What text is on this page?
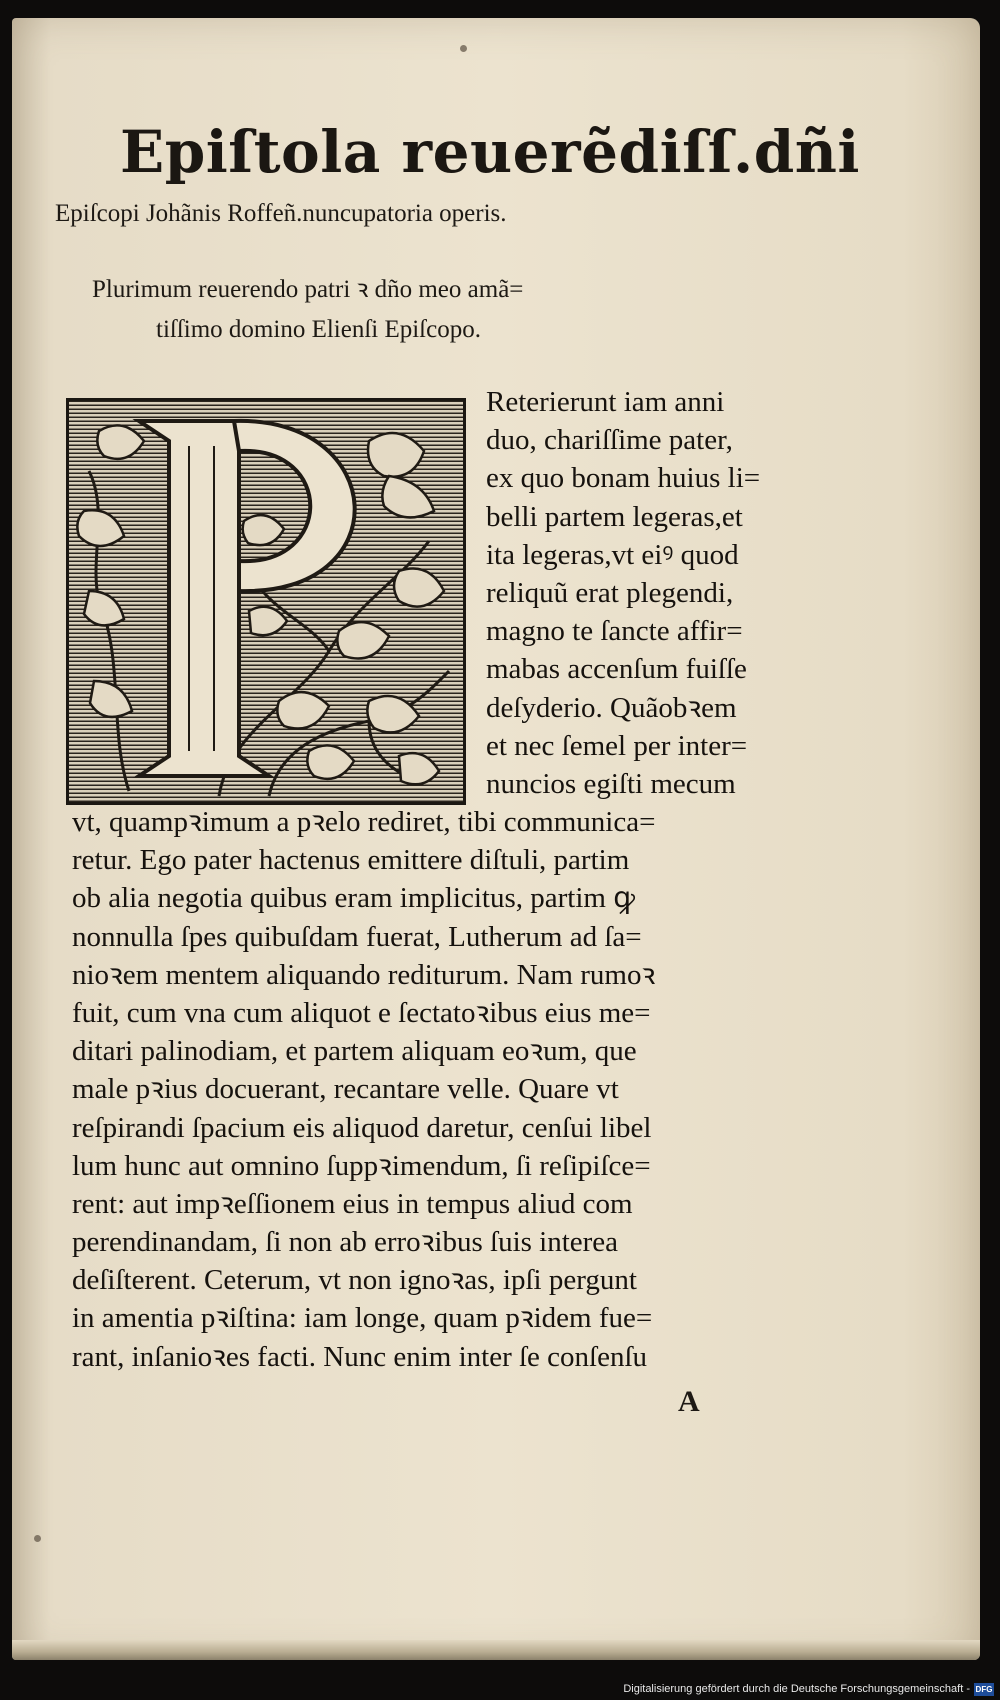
Epiſtola reuerẽdiſſ.dñi
Epiſcopi Johãnis Roffeñ.nuncupatoria operis.
Plurimum reuerendo patri ꝛ dño meo amã=
tiſſimo domino Elienſi Epiſcopo.
Reterierunt iam anni
duo, chariſſime pater,
ex quo bonam huius li=
belli partem legeras,et
ita legeras,vt eiꝰ quod
reliquũ erat plegendi,
magno te ſancte affir=
mabas accenſum fuiſſe
deſyderio. Quãobꝛem
et nec ſemel per inter=
nuncios egiſti mecum
vt, quampꝛimum a pꝛelo rediret, tibi communica=
retur. Ego pater hactenus emittere diſtuli, partim
ob alia negotia quibus eram implicitus, partim ꝙ
nonnulla ſpes quibuſdam fuerat, Lutherum ad ſa=
nioꝛem mentem aliquando rediturum. Nam rumoꝛ
fuit, cum vna cum aliquot e ſectatoꝛibus eius me=
ditari palinodiam, et partem aliquam eoꝛum, que
male pꝛius docuerant, recantare velle. Quare vt
reſpirandi ſpacium eis aliquod daretur, cenſui libel
lum hunc aut omnino ſuppꝛimendum, ſi reſipiſce=
rent: aut impꝛeſſionem eius in tempus aliud com
perendinandam, ſi non ab erroꝛibus ſuis interea
deſiſterent. Ceterum, vt non ignoꝛas, ipſi pergunt
in amentia pꝛiſtina: iam longe, quam pꝛidem fue=
rant, inſanioꝛes facti. Nunc enim inter ſe conſenſu
A
Digitalisierung gefördert durch die Deutsche Forschungsgemeinschaft - DFG
